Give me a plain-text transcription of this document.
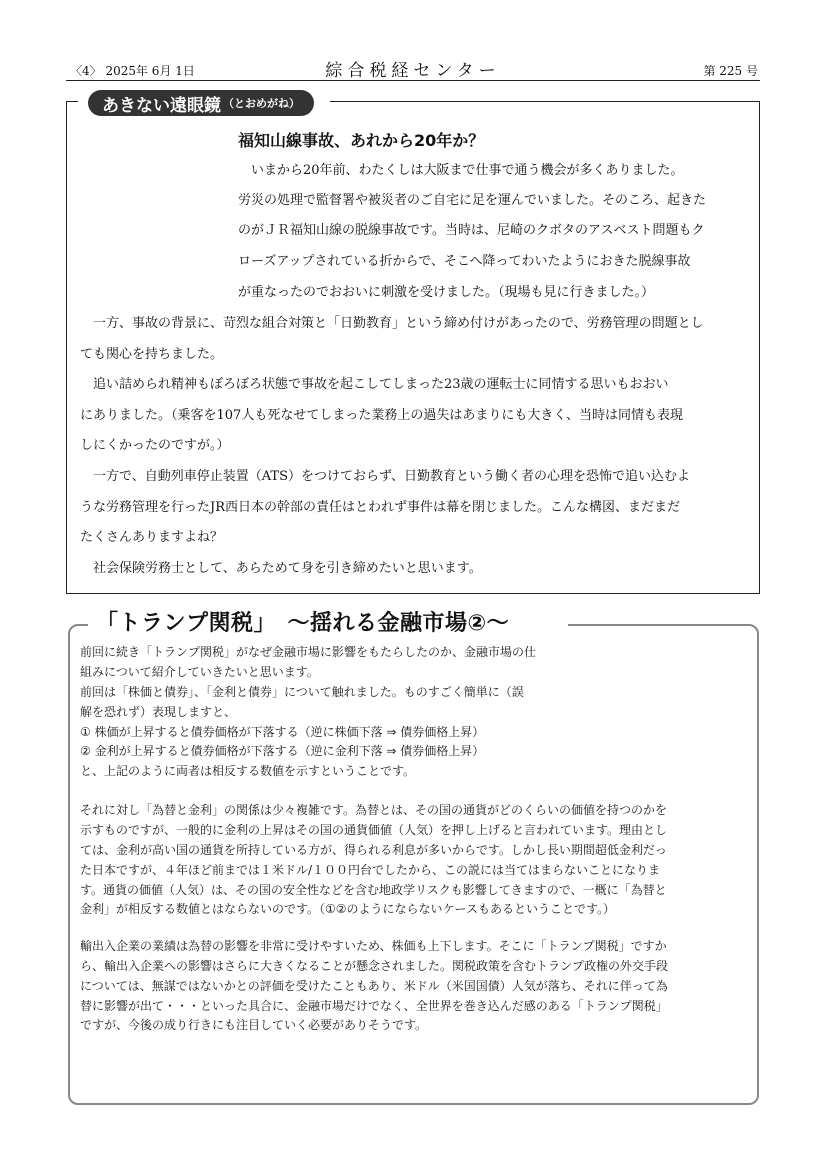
〈4〉 2025年 6月 1日	綜合税経センター	第 225 号
あきない遠眼鏡 （とおめがね）
福知山線事故、あれから20年か？
　いまから20年前、わたくしは大阪まで仕事で通う機会が多くありました。
労災の処理で監督署や被災者のご自宅に足を運んでいました。そのころ、起きた
のがＪＲ福知山線の脱線事故です。当時は、尼崎のクボタのアスベスト問題もク
ローズアップされている折からで、そこへ降ってわいたようにおきた脱線事故
が重なったのでおおいに刺激を受けました。（現場も見に行きました。）
　一方、事故の背景に、苛烈な組合対策と「日勤教育」という締め付けがあったので、労務管理の問題とし
ても関心を持ちました。
　追い詰められ精神もぼろぼろ状態で事故を起こしてしまった23歳の運転士に同情する思いもおおい
にありました。（乗客を107人も死なせてしまった業務上の過失はあまりにも大きく、当時は同情も表現
しにくかったのですが。）
　一方で、自動列車停止装置（ATS）をつけておらず、日勤教育という働く者の心理を恐怖で追い込むよ
うな労務管理を行ったJR西日本の幹部の責任はとわれず事件は幕を閉じました。こんな構図、まだまだ
たくさんありますよね？
　社会保険労務士として、あらためて身を引き締めたいと思います。
「トランプ関税」　～揺れる金融市場②～
前回に続き「トランプ関税」がなぜ金融市場に影響をもたらしたのか、金融市場の仕
組みについて紹介していきたいと思います。
前回は「株価と債券」、「金利と債券」について触れました。ものすごく簡単に（誤
解を恐れず）表現しますと、
① 株価が上昇すると債券価格が下落する（逆に株価下落 ⇒ 債券価格上昇）
② 金利が上昇すると債券価格が下落する（逆に金利下落 ⇒ 債券価格上昇）
と、上記のように両者は相反する数値を示すということです。
それに対し「為替と金利」の関係は少々複雑です。為替とは、その国の通貨がどのくらいの価値を持つのかを
示すものですが、一般的に金利の上昇はその国の通貨価値（人気）を押し上げると言われています。理由とし
ては、金利が高い国の通貨を所持している方が、得られる利息が多いからです。しかし長い期間超低金利だっ
た日本ですが、４年ほど前までは１米ドル/１００円台でしたから、この説には当てはまらないことになりま
す。通貨の価値（人気）は、その国の安全性などを含む地政学リスクも影響してきますので、一概に「為替と
金利」が相反する数値とはならないのです。（①②のようにならないケースもあるということです。）
輸出入企業の業績は為替の影響を非常に受けやすいため、株価も上下します。そこに「トランプ関税」ですか
ら、輸出入企業への影響はさらに大きくなることが懸念されました。関税政策を含むトランプ政権の外交手段
については、無謀ではないかとの評価を受けたこともあり、米ドル（米国国債）人気が落ち、それに伴って為
替に影響が出て・・・といった具合に、金融市場だけでなく、全世界を巻き込んだ感のある「トランプ関税」
ですが、今後の成り行きにも注目していく必要がありそうです。
